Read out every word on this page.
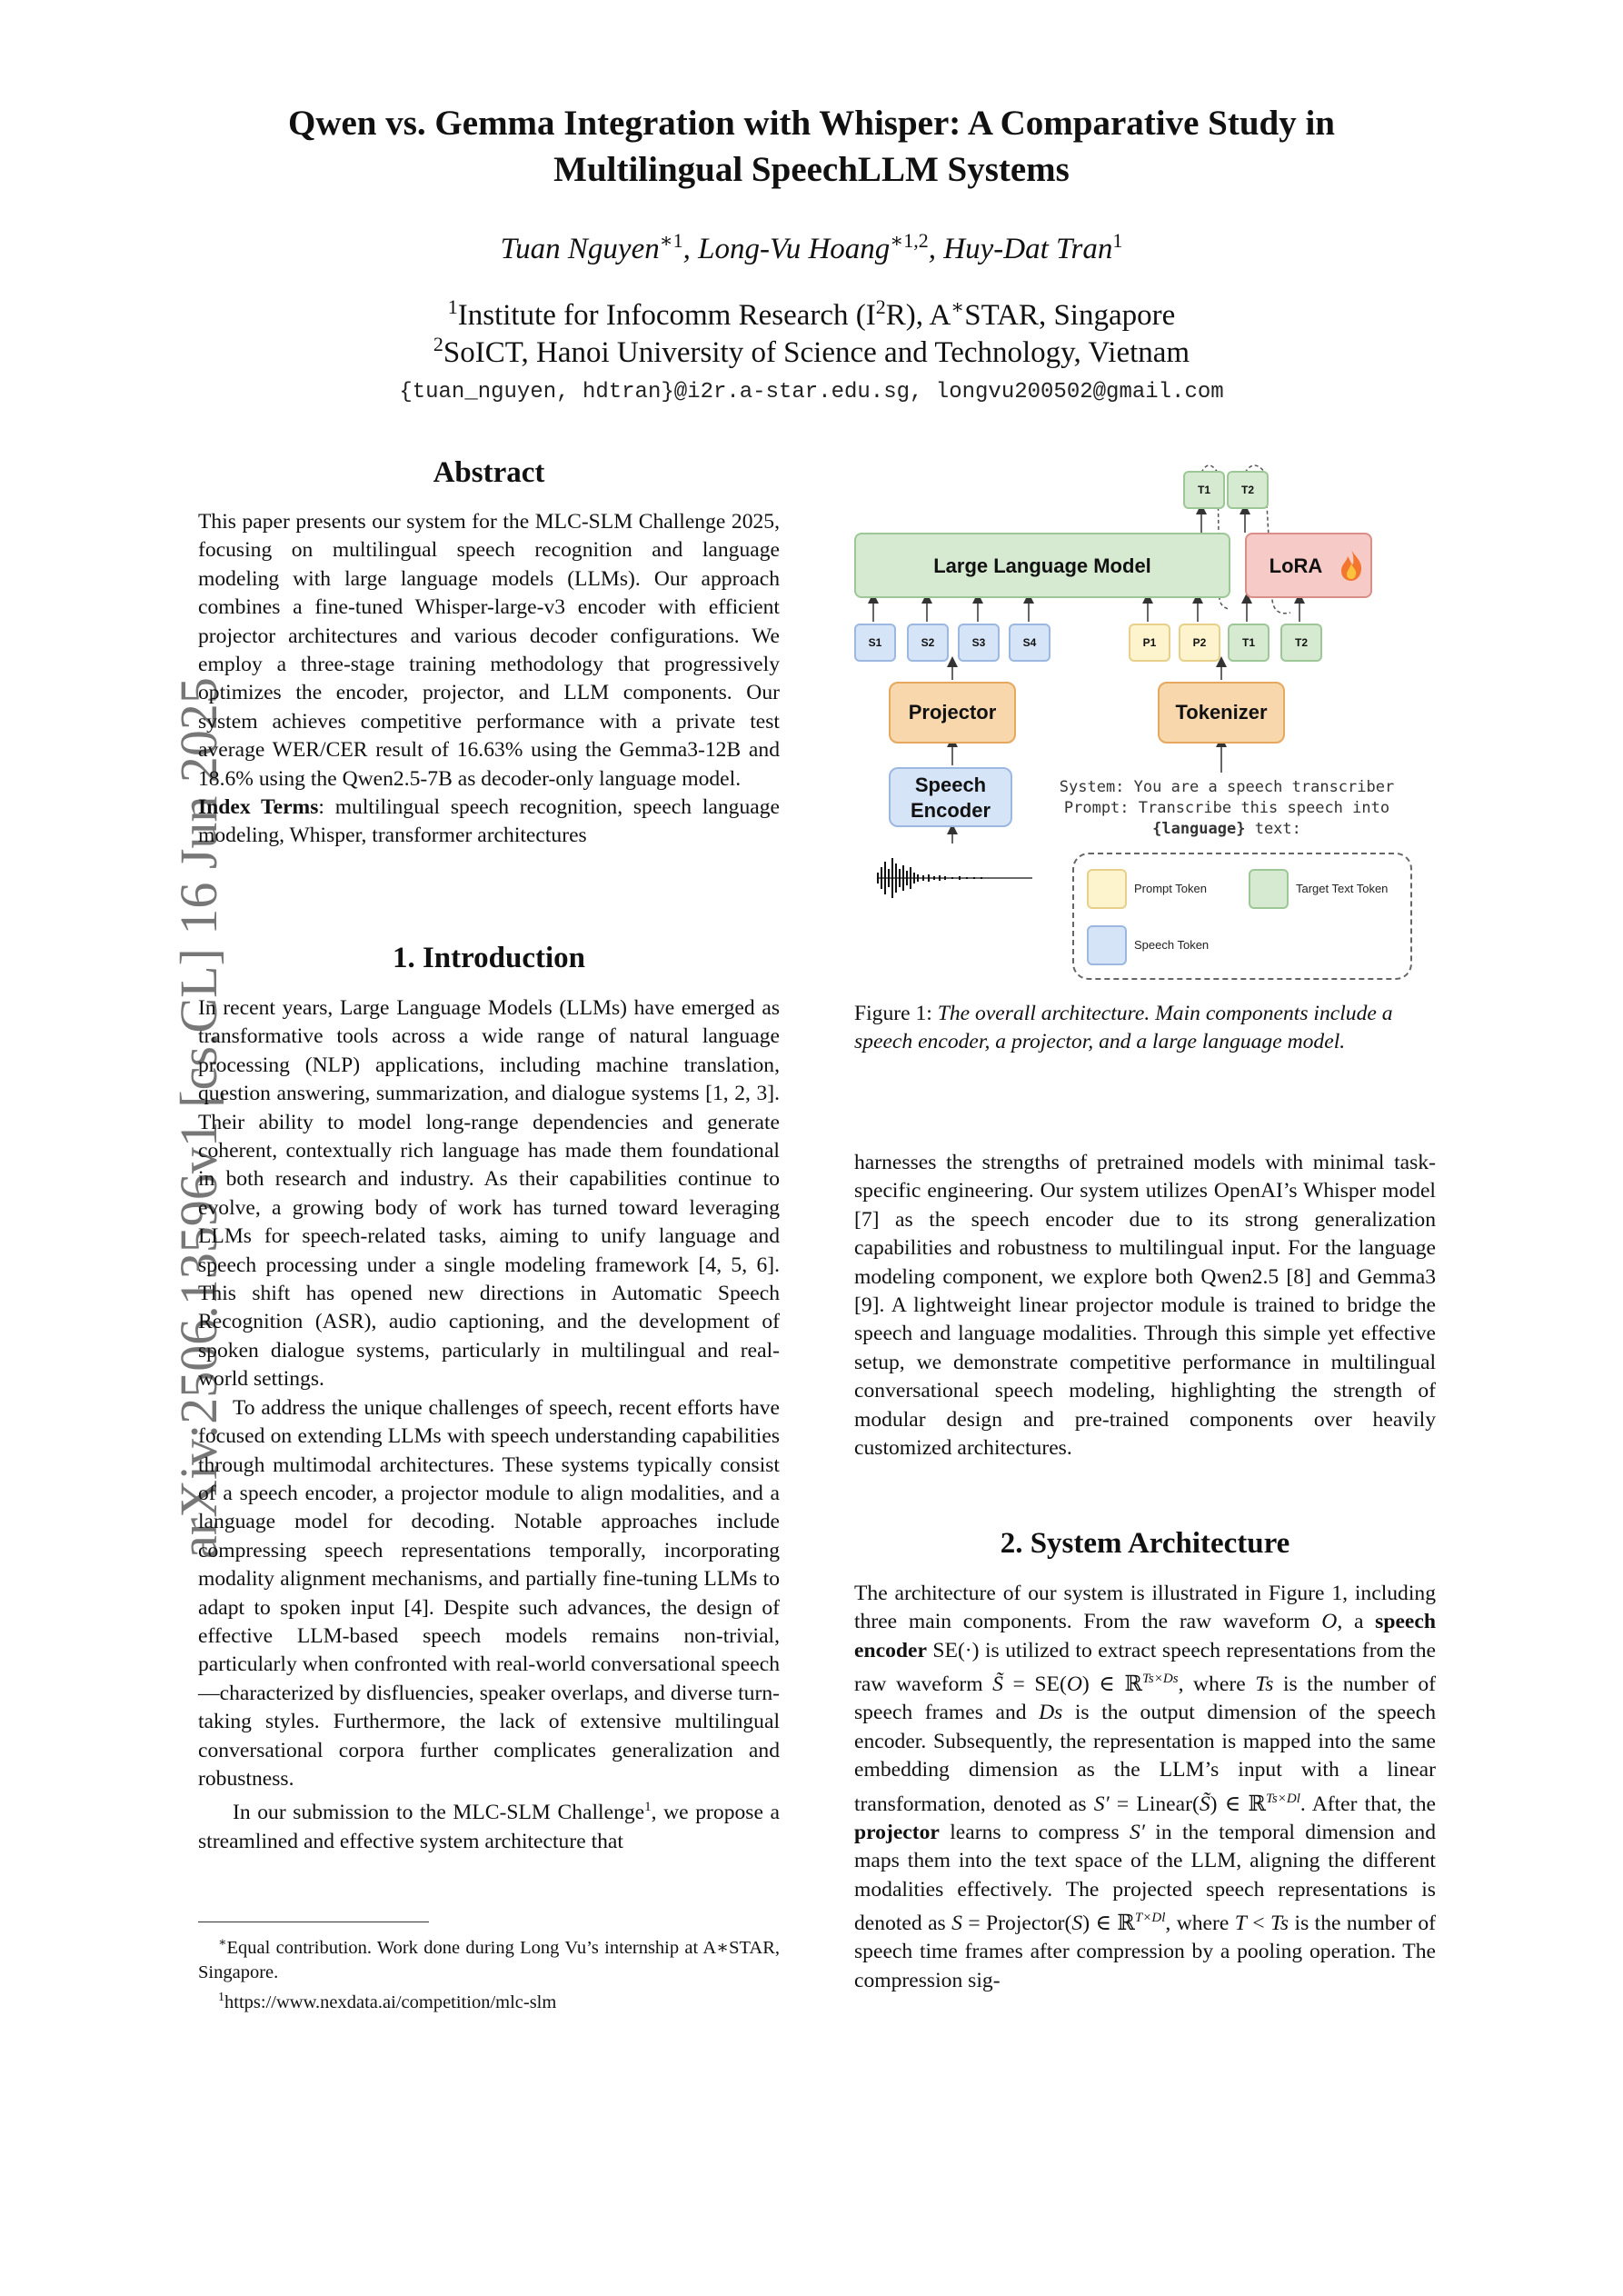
arXiv:2506.13596v1 [cs.CL] 16 Jun 2025
Qwen vs. Gemma Integration with Whisper: A Comparative Study in
Multilingual SpeechLLM Systems
Tuan Nguyen$^{∗1}$, Long-Vu Hoang$^{∗1,2}$, Huy-Dat Tran$^1$
$^1$Institute for Infocomm Research $(I^2R)$, A∗STAR, Singapore
$^2$SoICT, Hanoi University of Science and Technology, Vietnam
{tuan_nguyen, hdtran}@i2r.a-star.edu.sg, longvu200502@gmail.com
Abstract

This paper presents our system for the MLC-SLM Challenge 2025, focusing on multilingual speech recognition and language modeling with large language models (LLMs). Our approach combines a fine-tuned Whisper-large-v3 encoder with efficient projector architectures and various decoder configurations. We employ a three-stage training methodology that progressively optimizes the encoder, projector, and LLM components. Our system achieves competitive performance with a private test average WER/CER result of 16.63% using the Gemma3-12B and 18.6% using the Qwen2.5-7B as decoder-only language model.

Index Terms: multilingual speech recognition, speech language modeling, Whisper, transformer architectures

1. Introduction

In recent years, Large Language Models (LLMs) have emerged as transformative tools across a wide range of natural language processing (NLP) applications, including machine translation, question answering, summarization, and dialogue systems [1, 2, 3]. Their ability to model long-range dependencies and generate coherent, contextually rich language has made them foundational in both research and industry. As their capabilities continue to evolve, a growing body of work has turned toward leveraging LLMs for speech-related tasks, aiming to unify language and speech processing under a single modeling framework [4, 5, 6]. This shift has opened new directions in Automatic Speech Recognition (ASR), audio captioning, and the development of spoken dialogue systems, particularly in multilingual and real-world settings.

To address the unique challenges of speech, recent efforts have focused on extending LLMs with speech understanding capabilities through multimodal architectures. These systems typically consist of a speech encoder, a projector module to align modalities, and a language model for decoding. Notable approaches include compressing speech representations temporally, incorporating modality alignment mechanisms, and partially fine-tuning LLMs to adapt to spoken input [4]. Despite such advances, the design of effective LLM-based speech models remains non-trivial, particularly when confronted with real-world conversational speech—characterized by disfluencies, speaker overlaps, and diverse turn-taking styles. Furthermore, the lack of extensive multilingual conversational corpora further complicates generalization and robustness.

In our submission to the MLC-SLM Challenge$^1$, we propose a streamlined and effective system architecture that

∗Equal contribution. Work done during Long Vu’s internship at A∗STAR, Singapore.
$^1$https://www.nexdata.ai/competition/mlc-slm
T1	T2
Large Language Model	LoRA
S1	S2	S3	S4	P1	P2	T1	T2
Projector	Tokenizer
Speech
Encoder
System: You are a speech transcriber
Prompt: Transcribe this speech into
{language} text:
Prompt Token	Target Text Token
Speech Token
Figure 1: The overall architecture. Main components include a speech encoder, a projector, and a large language model.
harnesses the strengths of pretrained models with minimal task-specific engineering. Our system utilizes OpenAI’s Whisper model [7] as the speech encoder due to its strong generalization capabilities and robustness to multilingual input. For the language modeling component, we explore both Qwen2.5 [8] and Gemma3 [9]. A lightweight linear projector module is trained to bridge the speech and language modalities. Through this simple yet effective setup, we demonstrate competitive performance in multilingual conversational speech modeling, highlighting the strength of modular design and pre-trained components over heavily customized architectures.
2. System Architecture

The architecture of our system is illustrated in Figure 1, including three main components. From the raw waveform O, a speech encoder SE(·) is utilized to extract speech representations from the raw waveform S̃ = SE(O) ∈ ℝ$^{Ts\times Ds}$, where Ts is the number of speech frames and Ds is the output dimension of the speech encoder. Subsequently, the representation is mapped into the same embedding dimension as the LLM’s input with a linear transformation, denoted as S′ = Linear(S̃) ∈ ℝ$^{Ts\times Dl}$. After that, the projector learns to compress S′ in the temporal dimension and maps them into the text space of the LLM, aligning the different modalities effectively. The projected speech representations is denoted as S = Projector(S) ∈ ℝ$^{T\times Dl}$, where T < Ts is the number of speech time frames after compression by a pooling operation. The compression sig-
